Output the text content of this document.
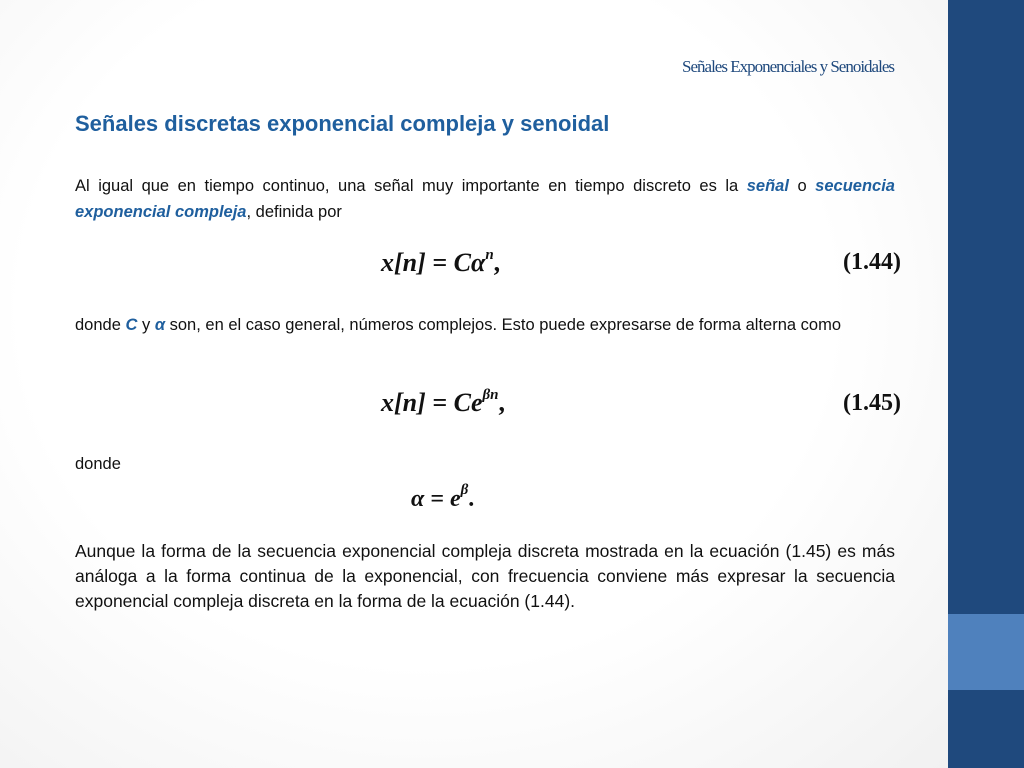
Señales Exponenciales y Senoidales
Señales discretas exponencial compleja y senoidal

Al igual que en tiempo continuo, una señal muy importante en tiempo discreto es la señal o secuencia exponencial compleja, definida por

$x[n] = C\alpha^n$,	(1.44)

donde C y α son, en el caso general, números complejos. Esto puede expresarse de forma alterna como

$x[n] = Ce^{\beta n}$,	(1.45)

donde

$\alpha = e^\beta$.

Aunque la forma de la secuencia exponencial compleja discreta mostrada en la ecuación (1.45) es más análoga a la forma continua de la exponencial, con frecuencia conviene más expresar la secuencia exponencial compleja discreta en la forma de la ecuación (1.44).
